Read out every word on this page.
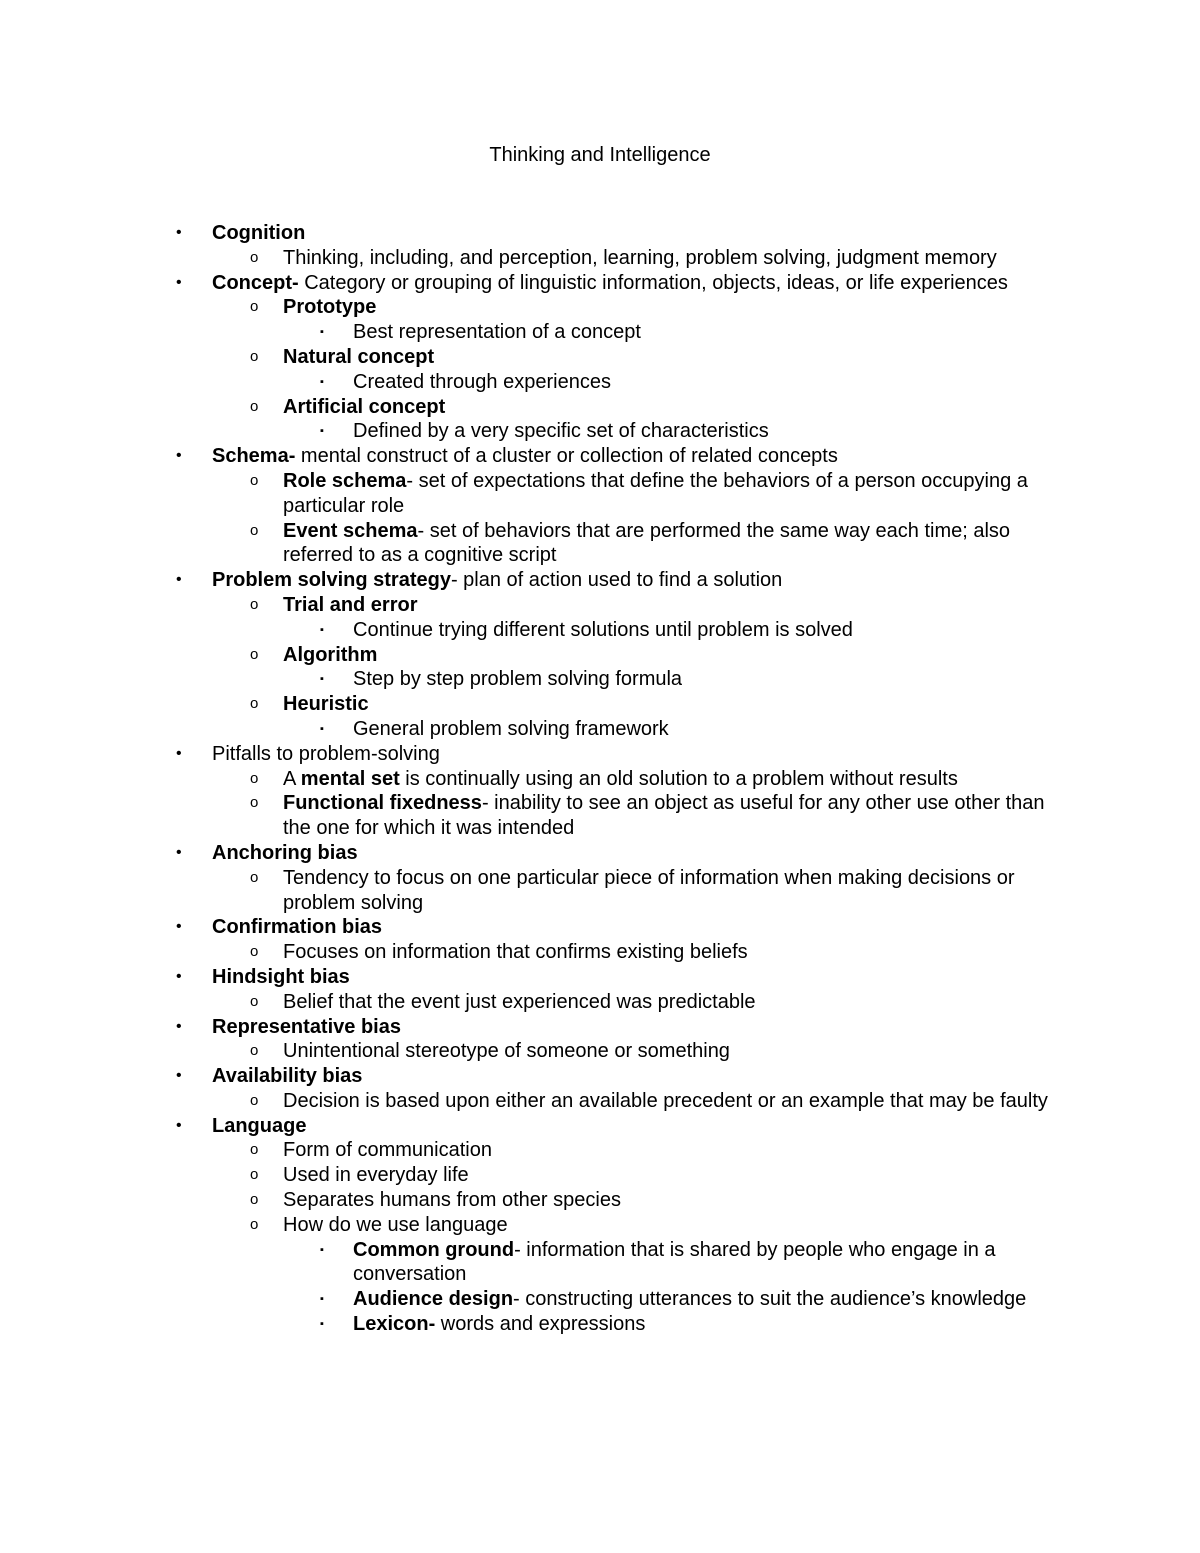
Thinking and Intelligence
• Cognition
o Thinking, including, and perception, learning, problem solving, judgment memory
• Concept- Category or grouping of linguistic information, objects, ideas, or life experiences
o Prototype
▪ Best representation of a concept
o Natural concept
▪ Created through experiences
o Artificial concept
▪ Defined by a very specific set of characteristics
• Schema- mental construct of a cluster or collection of related concepts
o Role schema- set of expectations that define the behaviors of a person occupying a particular role
o Event schema- set of behaviors that are performed the same way each time; also referred to as a cognitive script
• Problem solving strategy- plan of action used to find a solution
o Trial and error
▪ Continue trying different solutions until problem is solved
o Algorithm
▪ Step by step problem solving formula
o Heuristic
▪ General problem solving framework
• Pitfalls to problem-solving
o A mental set is continually using an old solution to a problem without results
o Functional fixedness- inability to see an object as useful for any other use other than the one for which it was intended
• Anchoring bias
o Tendency to focus on one particular piece of information when making decisions or problem solving
• Confirmation bias
o Focuses on information that confirms existing beliefs
• Hindsight bias
o Belief that the event just experienced was predictable
• Representative bias
o Unintentional stereotype of someone or something
• Availability bias
o Decision is based upon either an available precedent or an example that may be faulty
• Language
o Form of communication
o Used in everyday life
o Separates humans from other species
o How do we use language
▪ Common ground- information that is shared by people who engage in a conversation
▪ Audience design- constructing utterances to suit the audience’s knowledge
▪ Lexicon- words and expressions
